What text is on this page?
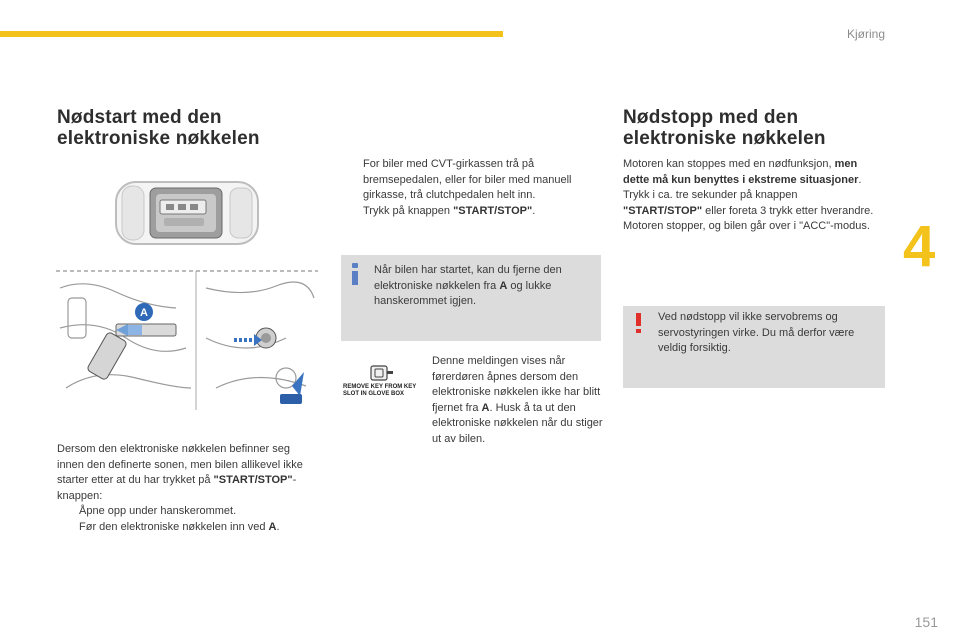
Kjøring
4
Nødstart med den elektroniske nøkkelen
A
Dersom den elektroniske nøkkelen befinner seg innen den definerte sonen, men bilen allikevel ikke starter etter at du har trykket på "START/STOP"-knappen:
Åpne opp under hanskerommet.
Før den elektroniske nøkkelen inn ved A.
For biler med CVT-girkassen trå på bremsepedalen, eller for biler med manuell girkasse, trå clutchpedalen helt inn.
Trykk på knappen "START/STOP".
Når bilen har startet, kan du fjerne den elektroniske nøkkelen fra A og lukke hanskerommet igjen.
REMOVE KEY FROM KEY
SLOT IN GLOVE BOX
Denne meldingen vises når førerdøren åpnes dersom den elektroniske nøkkelen ikke har blitt fjernet fra A. Husk å ta ut den elektroniske nøkkelen når du stiger ut av bilen.
Nødstopp med den elektroniske nøkkelen
Motoren kan stoppes med en nødfunksjon, men dette må kun benyttes i ekstreme situasjoner. Trykk i ca. tre sekunder på knappen "START/STOP" eller foreta 3 trykk etter hverandre.
Motoren stopper, og bilen går over i "ACC"-modus.
Ved nødstopp vil ikke servobrems og servostyringen virke. Du må derfor være veldig forsiktig.
151
